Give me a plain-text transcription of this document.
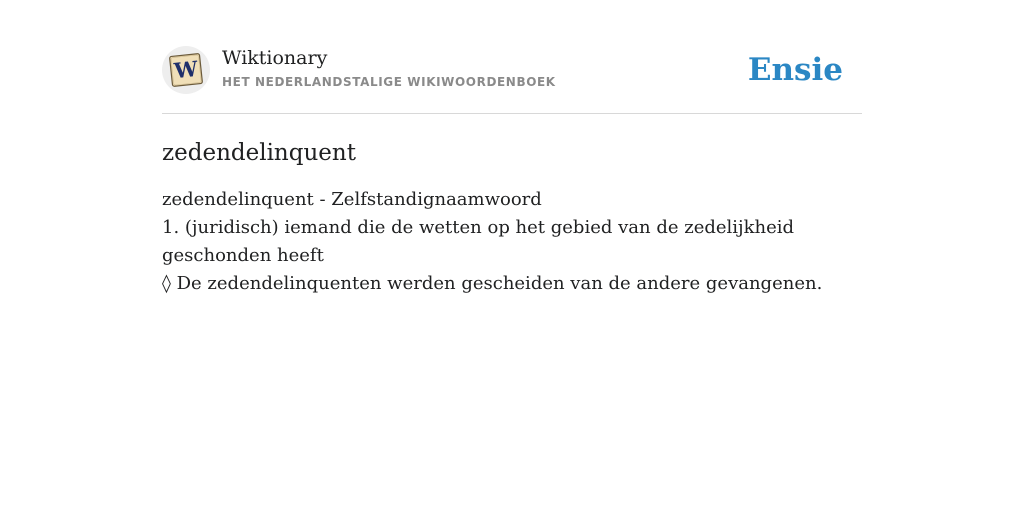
W Wiktionary
HET NEDERLANDSTALIGE WIKIWOORDENBOEK	Ensie
zedendelinquent

zedendelinquent - Zelfstandignaamwoord

1. (juridisch) iemand die de wetten op het gebied van de zedelijkheid geschonden heeft

◊ De zedendelinquenten werden gescheiden van de andere gevangenen.
